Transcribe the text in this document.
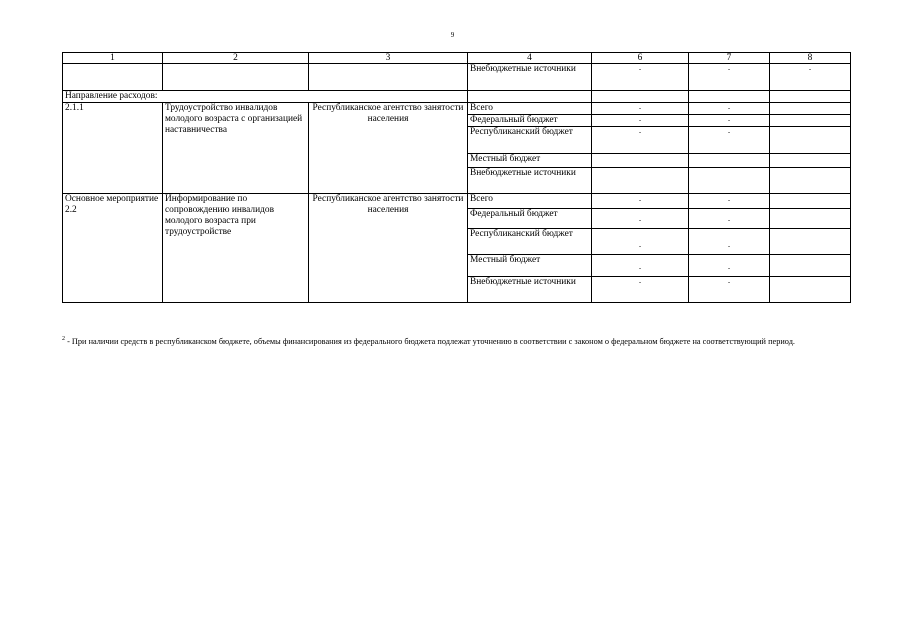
9
1	2	3	4	6	7	8
			Внебюджетные источники	-	-	-
Направление расходов:						
2.1.1	Трудоустройство инвалидов молодого возраста с организацией наставничества	Республиканское агентство занятости населения	Всего	-	-	
			Федеральный бюджет	-	-	
			Республиканский бюджет	-	-	
			Местный бюджет			
			Внебюджетные источники			
Основное мероприятие 2.2	Информирование по сопровождению инвалидов молодого возраста при трудоустройстве	Республиканское агентство занятости населения	Всего	-	-	
			Федеральный бюджет	-	-	
			Республиканский бюджет	-	-	
			Местный бюджет	-	-	
			Внебюджетные источники	-	-	
$^2$ - При наличии средств в республиканском бюджете, объемы финансирования из федерального бюджета подлежат уточнению в соответствии с законом о федеральном бюджете на соответствующий период.
